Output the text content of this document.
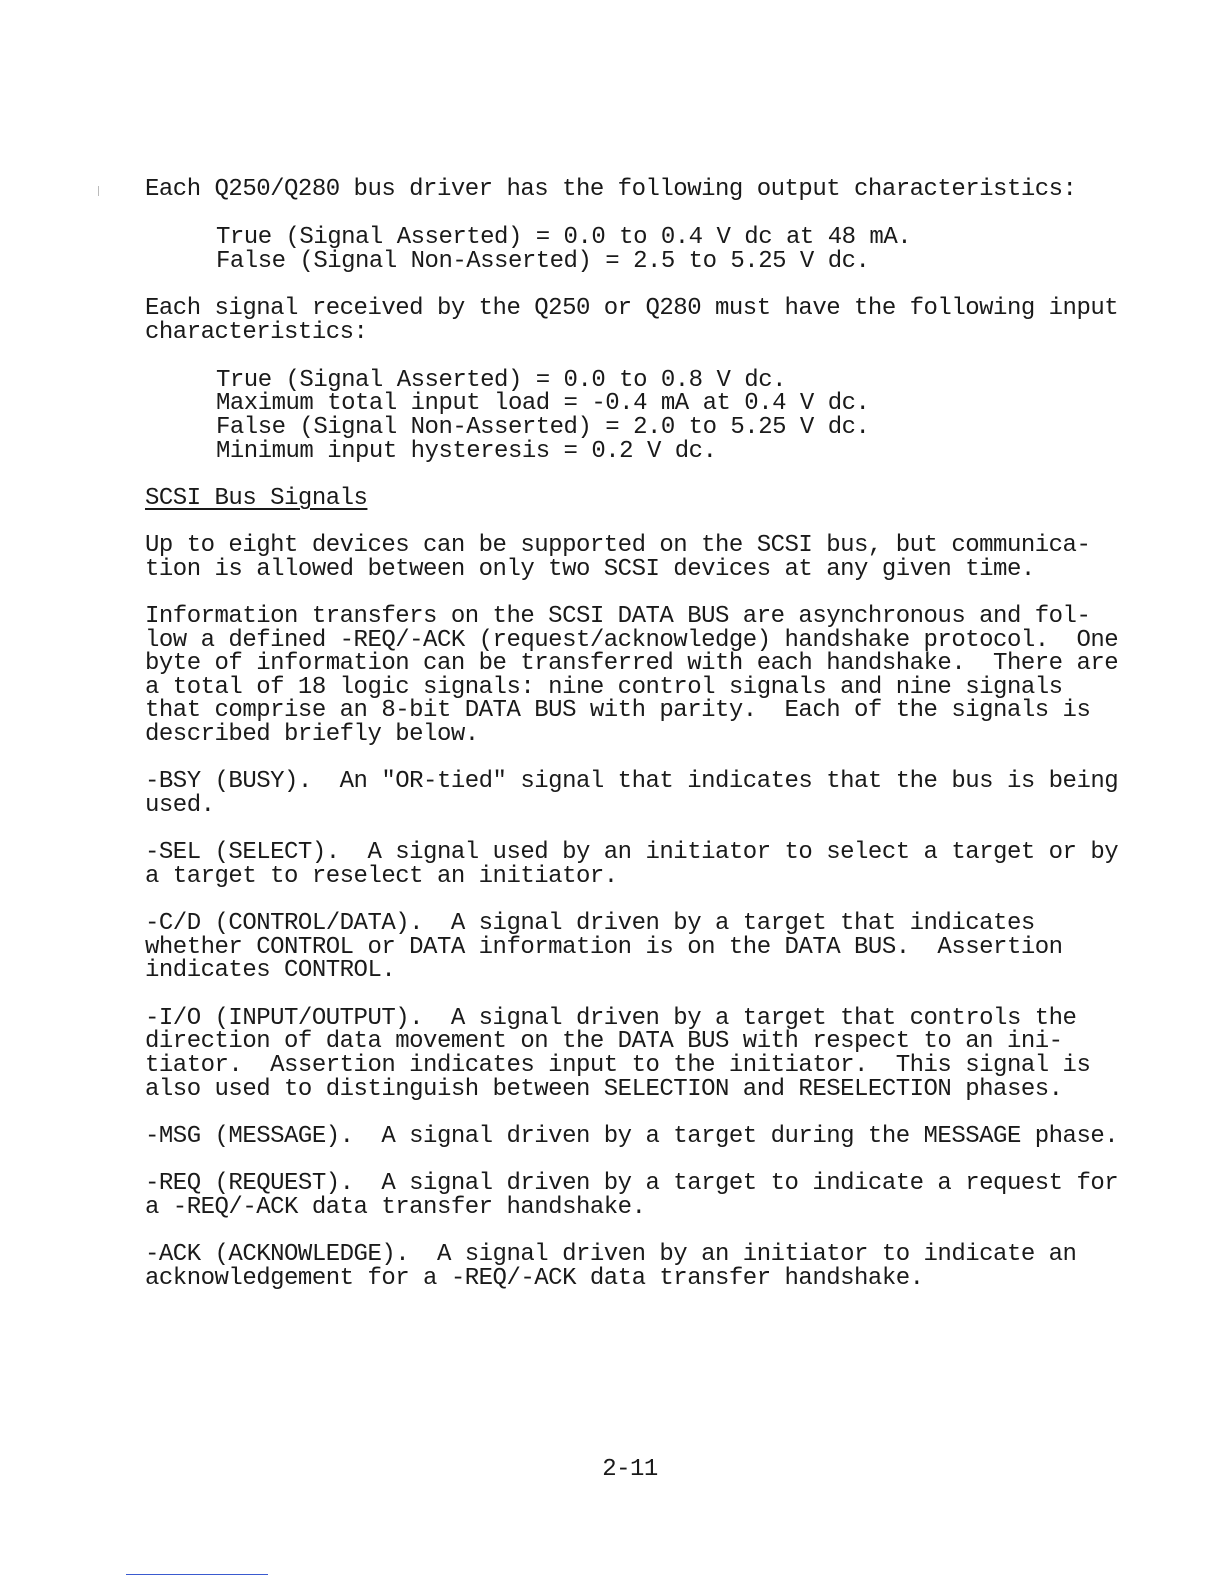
Each Q250/Q280 bus driver has the following output characteristics:
True (Signal Asserted) = 0.0 to 0.4 V dc at 48 mA.
False (Signal Non-Asserted) = 2.5 to 5.25 V dc.
Each signal received by the Q250 or Q280 must have the following input
characteristics:
True (Signal Asserted) = 0.0 to 0.8 V dc.
Maximum total input load = -0.4 mA at 0.4 V dc.
False (Signal Non-Asserted) = 2.0 to 5.25 V dc.
Minimum input hysteresis = 0.2 V dc.
SCSI Bus Signals
Up to eight devices can be supported on the SCSI bus, but communica-
tion is allowed between only two SCSI devices at any given time.
Information transfers on the SCSI DATA BUS are asynchronous and fol-
low a defined -REQ/-ACK (request/acknowledge) handshake protocol.  One
byte of information can be transferred with each handshake.  There are
a total of 18 logic signals: nine control signals and nine signals
that comprise an 8-bit DATA BUS with parity.  Each of the signals is
described briefly below.
-BSY (BUSY).  An "OR-tied" signal that indicates that the bus is being
used.
-SEL (SELECT).  A signal used by an initiator to select a target or by
a target to reselect an initiator.
-C/D (CONTROL/DATA).  A signal driven by a target that indicates
whether CONTROL or DATA information is on the DATA BUS.  Assertion
indicates CONTROL.
-I/O (INPUT/OUTPUT).  A signal driven by a target that controls the
direction of data movement on the DATA BUS with respect to an ini-
tiator.  Assertion indicates input to the initiator.  This signal is
also used to distinguish between SELECTION and RESELECTION phases.
-MSG (MESSAGE).  A signal driven by a target during the MESSAGE phase.
-REQ (REQUEST).  A signal driven by a target to indicate a request for
a -REQ/-ACK data transfer handshake.
-ACK (ACKNOWLEDGE).  A signal driven by an initiator to indicate an
acknowledgement for a -REQ/-ACK data transfer handshake.
2-11
